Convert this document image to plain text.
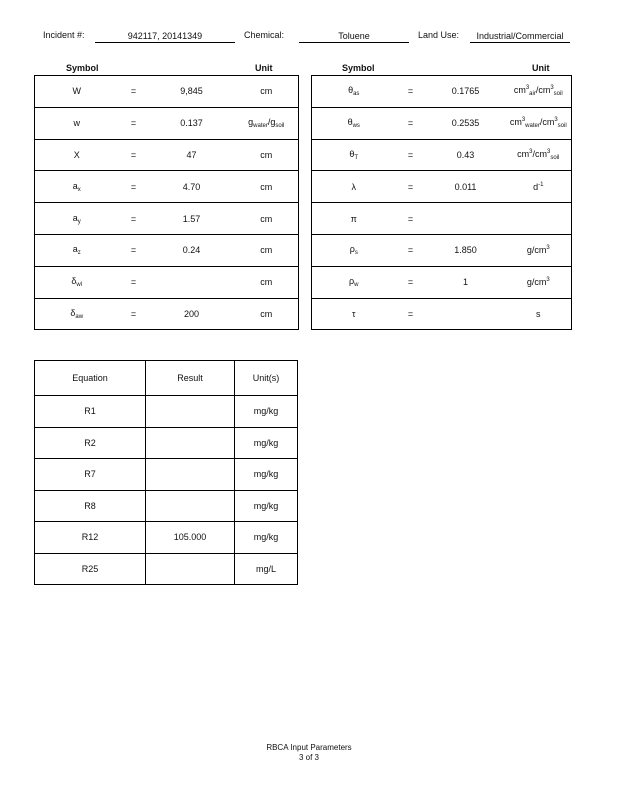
Incident #:	942117, 20141349	Chemical:	Toluene	Land Use:	Industrial/Commercial
Symbol	Unit
W	=	9,845	cm
w	=	0.137	$g_{water}/g_{soil}$
X	=	47	cm
$a_x$	=	4.70	cm
$a_y$	=	1.57	cm
$a_z$	=	0.24	cm
$\delta_{wl}$	=		cm
$\delta_{aw}$	=	200	cm
Symbol	Unit
$\theta_{as}$	=	0.1765	$cm^3_{air}/cm^3_{soil}$
$\theta_{ws}$	=	0.2535	$cm^3_{water}/cm^3_{soil}$
$\theta_T$	=	0.43	$cm^3/cm^3_{soil}$
λ	=	0.011	$d^{-1}$
π	=		
$\rho_s$	=	1.850	$g/cm^3$
$\rho_w$	=	1	$g/cm^3$
τ	=		s
Equation	Result	Unit(s)
R1		mg/kg
R2		mg/kg
R7		mg/kg
R8		mg/kg
R12	105.000	mg/kg
R25		mg/L
RBCA Input Parameters
3 of 3
